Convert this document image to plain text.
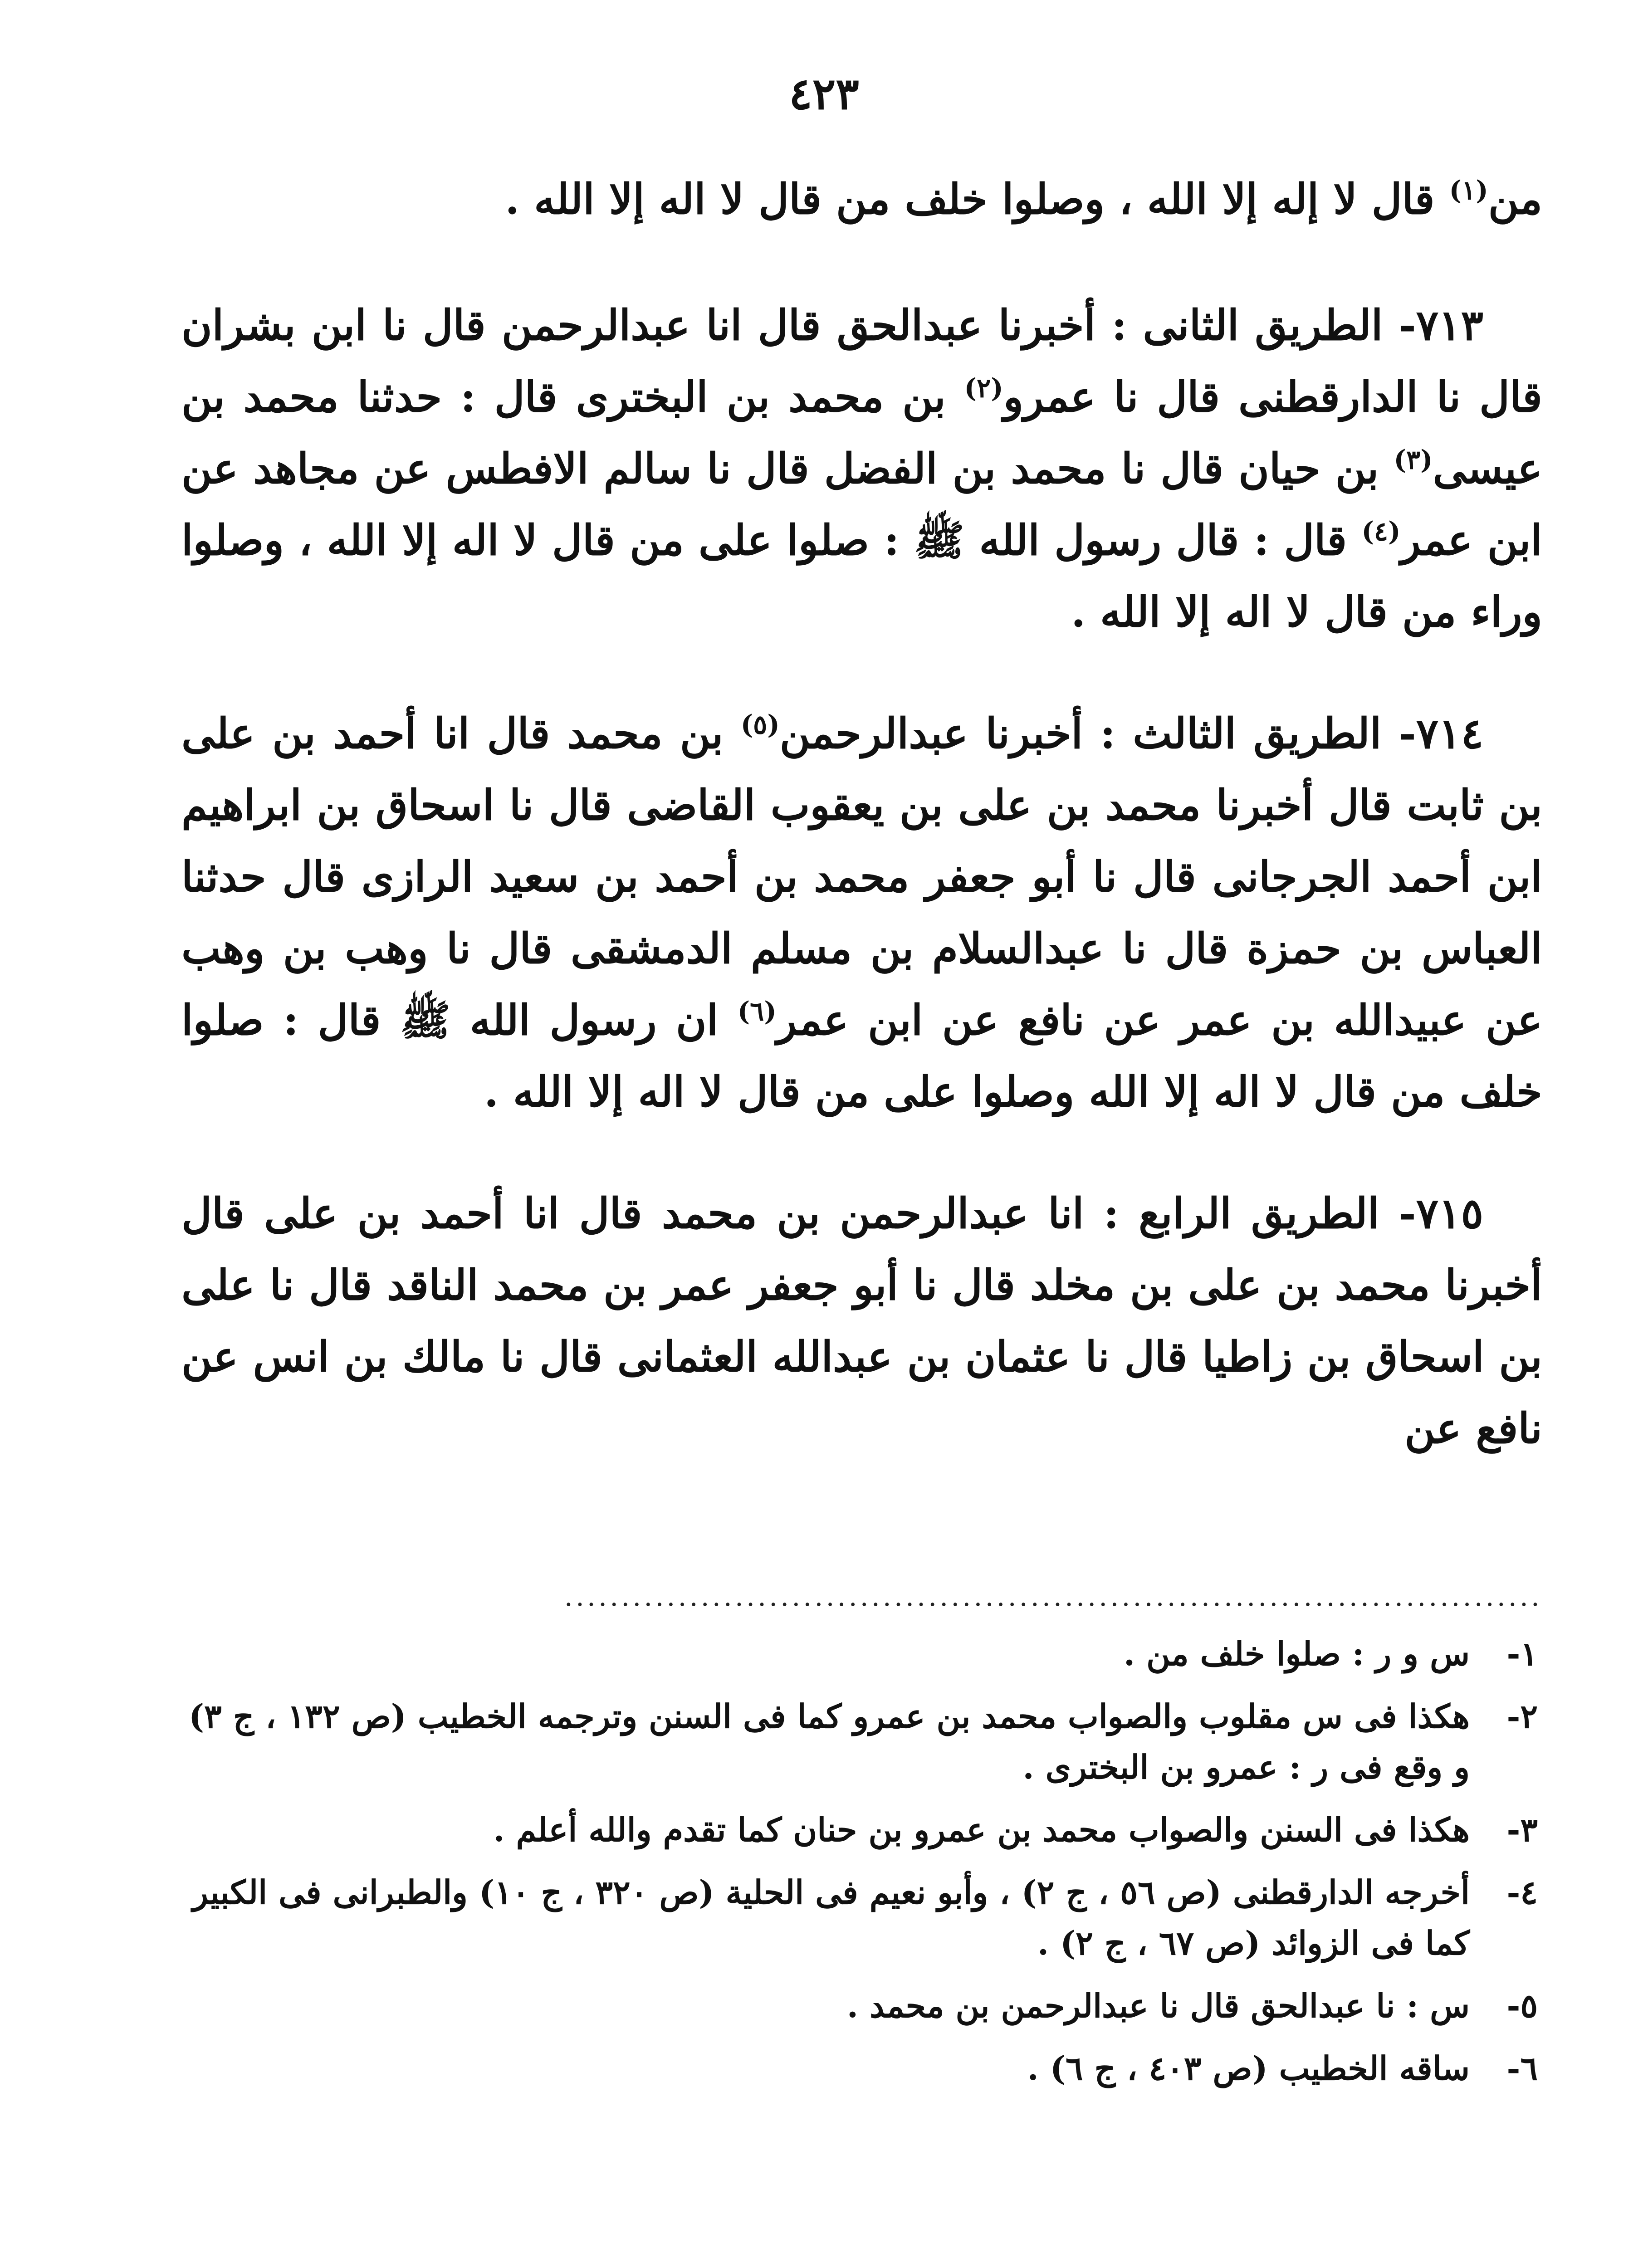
٤٢٣

من$^{(١)}$ قال لا إله إلا الله ، وصلوا خلف من قال لا اله إلا الله .

٧١٣- الطريق الثانى : أخبرنا عبدالحق قال انا عبدالرحمن قال نا ابن بشران قال نا الدارقطنى قال نا عمرو$^{(٢)}$ بن محمد بن البخترى قال : حدثنا محمد بن عيسى$^{(٣)}$ بن حيان قال نا محمد بن الفضل قال نا سالم الافطس عن مجاهد عن ابن عمر$^{(٤)}$ قال : قال رسول الله ﷺ : صلوا على من قال لا اله إلا الله ، وصلوا وراء من قال لا اله إلا الله .

٧١٤- الطريق الثالث : أخبرنا عبدالرحمن$^{(٥)}$ بن محمد قال انا أحمد بن على بن ثابت قال أخبرنا محمد بن على بن يعقوب القاضى قال نا اسحاق بن ابراهيم ابن أحمد الجرجانى قال نا أبو جعفر محمد بن أحمد بن سعيد الرازى قال حدثنا العباس بن حمزة قال نا عبدالسلام بن مسلم الدمشقى قال نا وهب بن وهب عن عبيدالله بن عمر عن نافع عن ابن عمر$^{(٦)}$ ان رسول الله ﷺ قال : صلوا خلف من قال لا اله إلا الله وصلوا على من قال لا اله إلا الله .

٧١٥- الطريق الرابع : انا عبدالرحمن بن محمد قال انا أحمد بن على قال أخبرنا محمد بن على بن مخلد قال نا أبو جعفر عمر بن محمد الناقد قال نا على بن اسحاق بن زاطيا قال نا عثمان بن عبدالله العثمانى قال نا مالك بن انس عن نافع عن

......................................................................................
١-
س و ر : صلوا خلف من .
٢-
هكذا فى س مقلوب والصواب محمد بن عمرو كما فى السنن وترجمه الخطيب (ص ١٣٢ ، ج ٣) و وقع فى ر : عمرو بن البخترى .
٣-
هكذا فى السنن والصواب محمد بن عمرو بن حنان كما تقدم والله أعلم .
٤-
أخرجه الدارقطنى (ص ٥٦ ، ج ٢) ، وأبو نعيم فى الحلية (ص ٣٢٠ ، ج ١٠) والطبرانى فى الكبير كما فى الزوائد (ص ٦٧ ، ج ٢) .
٥-
س : نا عبدالحق قال نا عبدالرحمن بن محمد .
٦-
ساقه الخطيب (ص ٤٠٣ ، ج ٦) .
